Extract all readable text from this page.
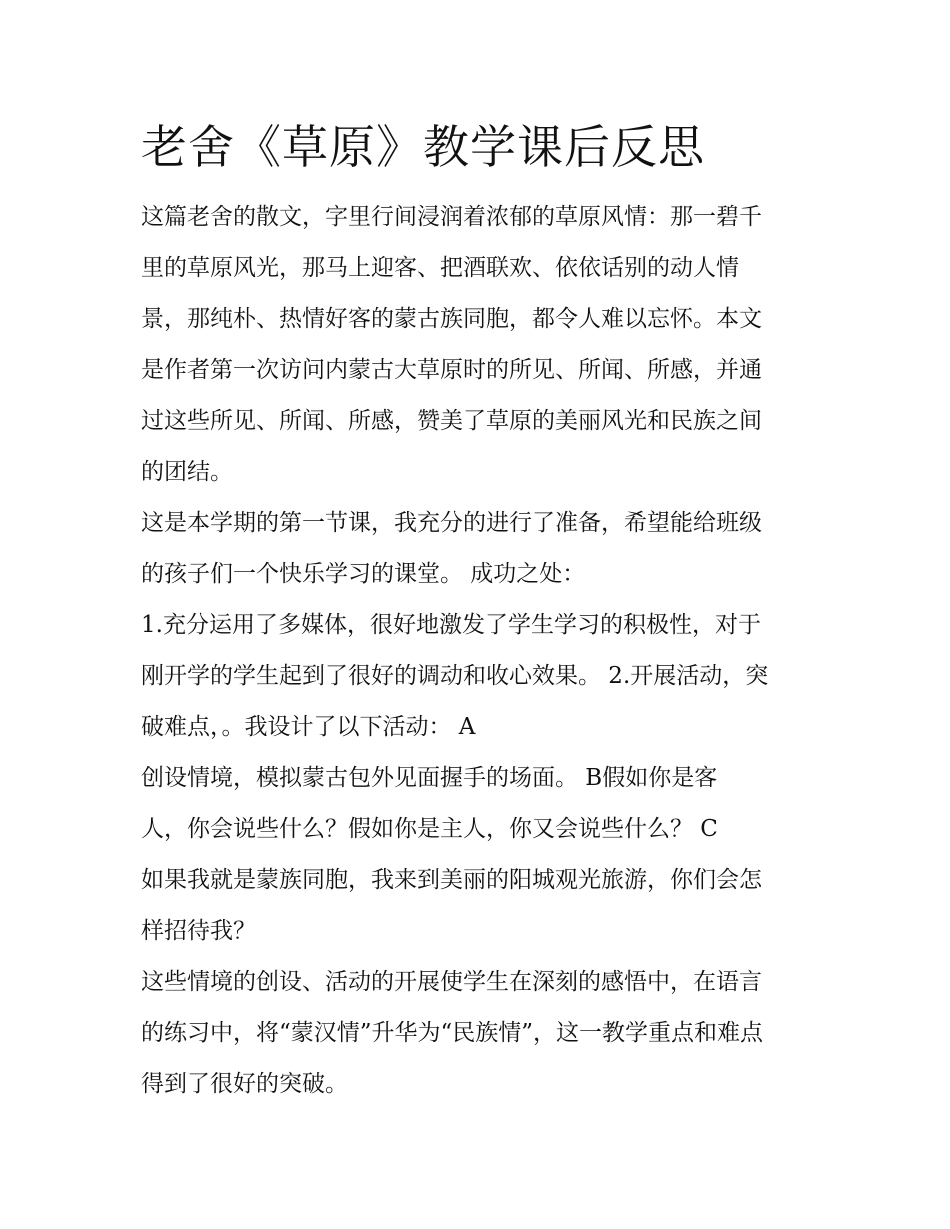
老舍《草原》教学课后反思
这篇老舍的散文，字里行间浸润着浓郁的草原风情：那一碧千
里的草原风光，那马上迎客、把酒联欢、依依话别的动人情
景，那纯朴、热情好客的蒙古族同胞，都令人难以忘怀。本文
是作者第一次访问内蒙古大草原时的所见、所闻、所感，并通
过这些所见、所闻、所感，赞美了草原的美丽风光和民族之间
的团结。
这是本学期的第一节课，我充分的进行了准备，希望能给班级
的孩子们一个快乐学习的课堂。 成功之处：
1.充分运用了多媒体，很好地激发了学生学习的积极性，对于
刚开学的学生起到了很好的调动和收心效果。 2.开展活动，突
破难点，。我设计了以下活动： A
创设情境，模拟蒙古包外见面握手的场面。 B假如你是客
人，你会说些什么？假如你是主人，你又会说些什么？ C
如果我就是蒙族同胞，我来到美丽的阳城观光旅游，你们会怎
样招待我？
这些情境的创设、活动的开展使学生在深刻的感悟中，在语言
的练习中，将“蒙汉情”升华为“民族情”，这一教学重点和难点
得到了很好的突破。
